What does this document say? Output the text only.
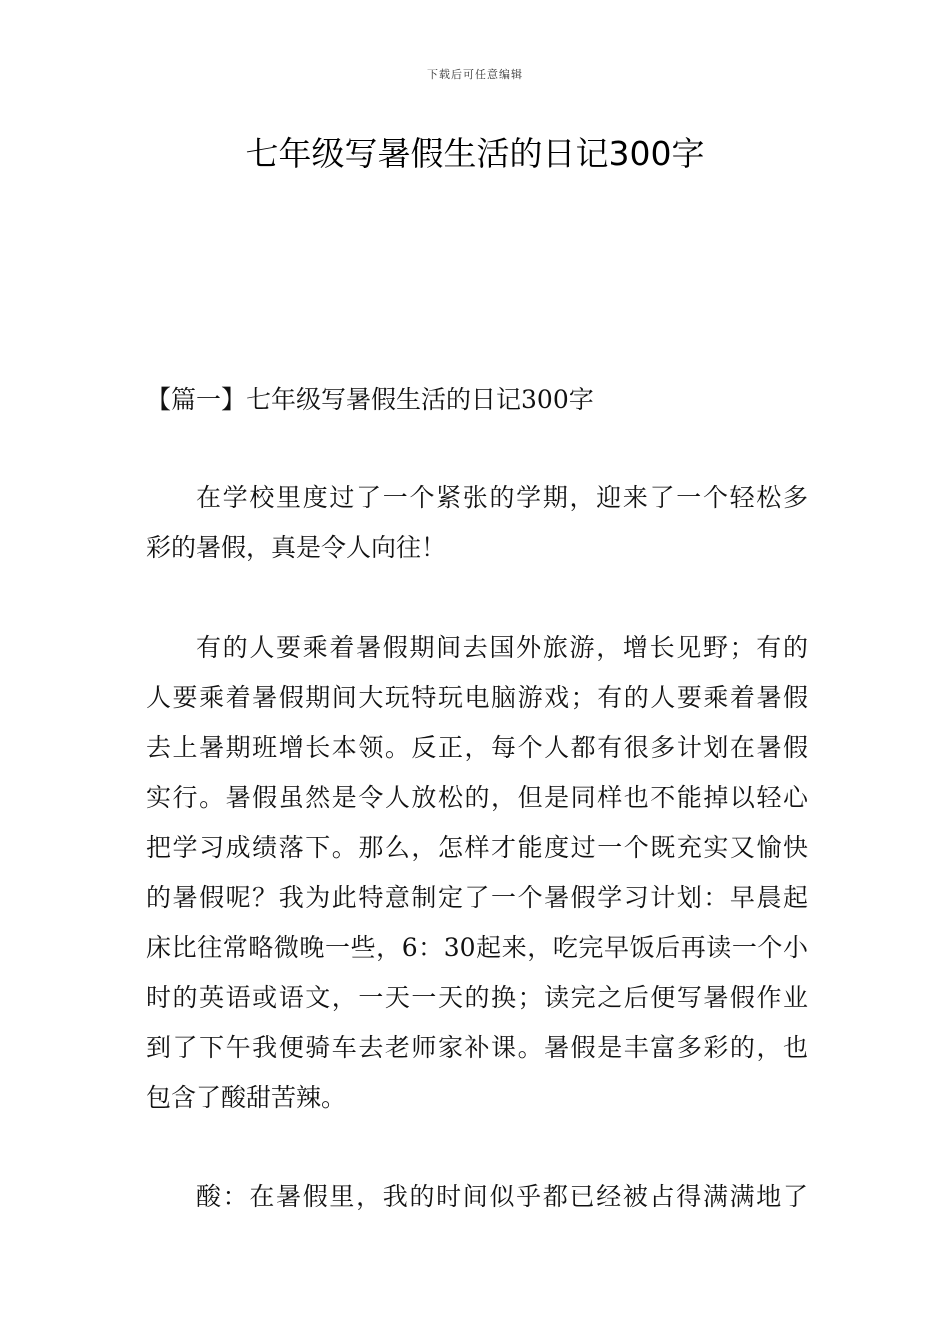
下载后可任意编辑
七年级写暑假生活的日记300字
【篇一】七年级写暑假生活的日记300字
在学校里度过了一个紧张的学期，迎来了一个轻松多
彩的暑假，真是令人向往！
有的人要乘着暑假期间去国外旅游，增长见野；有的
人要乘着暑假期间大玩特玩电脑游戏；有的人要乘着暑假
去上暑期班增长本领。反正，每个人都有很多计划在暑假
实行。暑假虽然是令人放松的，但是同样也不能掉以轻心
把学习成绩落下。那么，怎样才能度过一个既充实又愉快
的暑假呢？我为此特意制定了一个暑假学习计划：早晨起
床比往常略微晚一些，6：30起来，吃完早饭后再读一个小
时的英语或语文，一天一天的换；读完之后便写暑假作业
到了下午我便骑车去老师家补课。暑假是丰富多彩的，也
包含了酸甜苦辣。
酸：在暑假里，我的时间似乎都已经被占得满满地了
